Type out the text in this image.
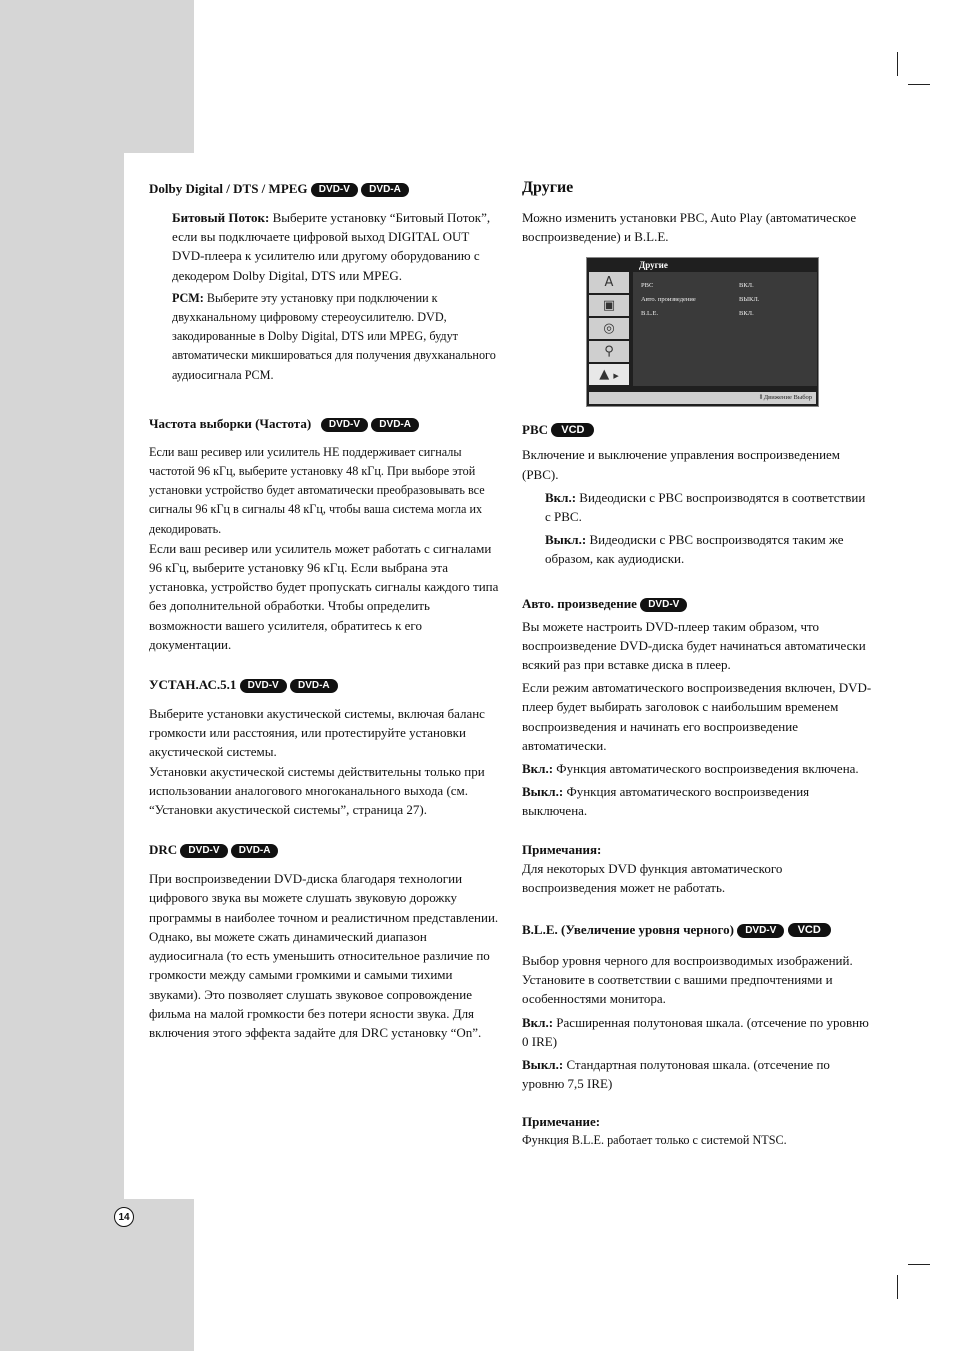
Dolby Digital / DTS / MPEG DVD-V DVD-A

Битовый Поток: Выберите установку “Битовый Поток”, если вы подключаете цифровой выход DIGITAL OUT DVD-плеера к усилителю или другому оборудованию с декодером Dolby Digital, DTS или MPEG.

PCM: Выберите эту установку при подключении к двухканальному цифровому стереоусилителю. DVD, закодированные в Dolby Digital, DTS или MPEG, будут автоматически микшироваться для получения двухканального аудиосигнала PCM.

Частота выборки (Частота) DVD-V DVD-A

Если ваш ресивер или усилитель НЕ поддерживает сигналы частотой 96 кГц, выберите установку 48 кГц. При выборе этой установки устройство будет автоматически преобразовывать все сигналы 96 кГц в сигналы 48 кГц, чтобы ваша система могла их декодировать.

Если ваш ресивер или усилитель может работать с сигналами 96 кГц, выберите установку 96 кГц. Если выбрана эта установка, устройство будет пропускать сигналы каждого типа без дополнительной обработки. Чтобы определить возможности вашего усилителя, обратитесь к его документации.

УСТАН.АС.5.1 DVD-V DVD-A

Выберите установки акустической системы, включая баланс громкости или расстояния, или протестируйте установки акустической системы.

Установки акустической системы действительны только при использовании аналогового многоканального выхода (см. “Установки акустической системы”, страница 27).

DRC DVD-V DVD-A

При воспроизведении DVD-диска благодаря технологии цифрового звука вы можете слушать звуковую дорожку программы в наиболее точном и реалистичном представлении. Однако, вы можете сжать динамический диапазон аудиосигнала (то есть уменьшить относительное различие по громкости между самыми громкими и самыми тихими звуками). Это позволяет слушать звуковое сопровождение фильма на малой громкости без потери ясности звука. Для включения этого эффекта задайте для DRC установку “On”.

Другие

Можно изменить установки PBC, Auto Play (автоматическое воспроизведение) и B.L.E.

Другие
A
▣
◎
⚲
▲ ▶
PBC	ВКЛ.
Авто. произведение	ВЫКЛ.
B.L.E.	ВКЛ.
⇕Движение Выбор
PBC VCD

Включение и выключение управления воспроизведением (PBC).

Вкл.: Видеодиски с PBC воспроизводятся в соответствии с PBC.

Выкл.: Видеодиски с PBC воспроизводятся таким же образом, как аудиодиски.

Авто. произведение DVD-V

Вы можете настроить DVD-плеер таким образом, что воспроизведение DVD-диска будет начинаться автоматически всякий раз при вставке диска в плеер.

Если режим автоматического воспроизведения включен, DVD-плеер будет выбирать заголовок с наибольшим временем воспроизведения и начинать его воспроизведение автоматически.

Вкл.: Функция автоматического воспроизведения включена.

Выкл.: Функция автоматического воспроизведения выключена.

Примечания:

Для некоторых DVD функция автоматического воспроизведения может не работать.

B.L.E. (Увеличение уровня черного) DVD-V VCD

Выбор уровня черного для воспроизводимых изображений. Установите в соответствии с вашими предпочтениями и особенностями монитора.

Вкл.: Расширенная полутоновая шкала. (отсечение по уровню 0 IRE)

Выкл.: Стандартная полутоновая шкала. (отсечение по уровню 7,5 IRE)

Примечание:

Функция B.L.E. работает только с системой NTSC.

14
